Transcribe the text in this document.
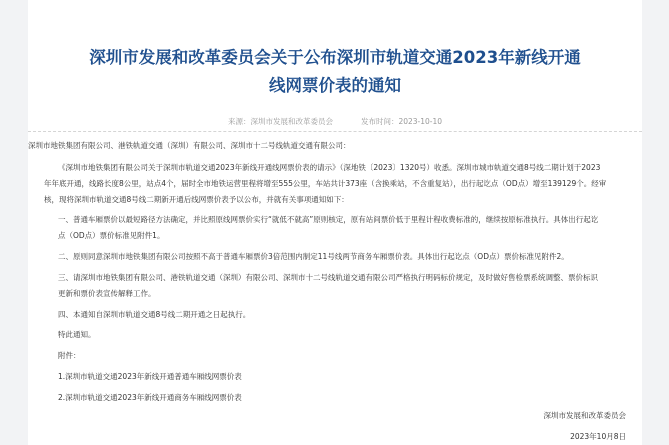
深圳市发展和改革委员会关于公布深圳市轨道交通2023年新线开通
线网票价表的通知
来源：深圳市发展和改革委员会	发布时间：2023-10-10
深圳市地铁集团有限公司、港铁轨道交通（深圳）有限公司、深圳市十二号线轨道交通有限公司：
《深圳市地铁集团有限公司关于深圳市轨道交通2023年新线开通线网票价表的请示》（深地铁〔2023〕1320号）收悉。深圳市城市轨道交通8号线二期计划于2023
年年底开通，线路长度8公里，站点4个，届时全市地铁运营里程将增至555公里，车站共计373座（含换乘站，不含重复站），出行起讫点（OD点）增至139129个。经审
核，现将深圳市轨道交通8号线二期新开通后线网票价表予以公布，并就有关事项通知如下：
一、普通车厢票价以最短路径方法确定，并比照原线网票价实行“就低不就高”原则核定，原有站间票价低于里程计程收费标准的，继续按原标准执行。具体出行起讫
点（OD点）票价标准见附件1。
二、原则同意深圳市地铁集团有限公司按照不高于普通车厢票价3倍范围内制定11号线两节商务车厢票价表。具体出行起讫点（OD点）票价标准见附件2。
三、请深圳市地铁集团有限公司、港铁轨道交通（深圳）有限公司、深圳市十二号线轨道交通有限公司严格执行明码标价规定，及时做好售检票系统调整、票价标识
更新和票价表宣传解释工作。
四、本通知自深圳市轨道交通8号线二期开通之日起执行。
特此通知。
附件：
1.深圳市轨道交通2023年新线开通普通车厢线网票价表
2.深圳市轨道交通2023年新线开通商务车厢线网票价表
深圳市发展和改革委员会
2023年10月8日
